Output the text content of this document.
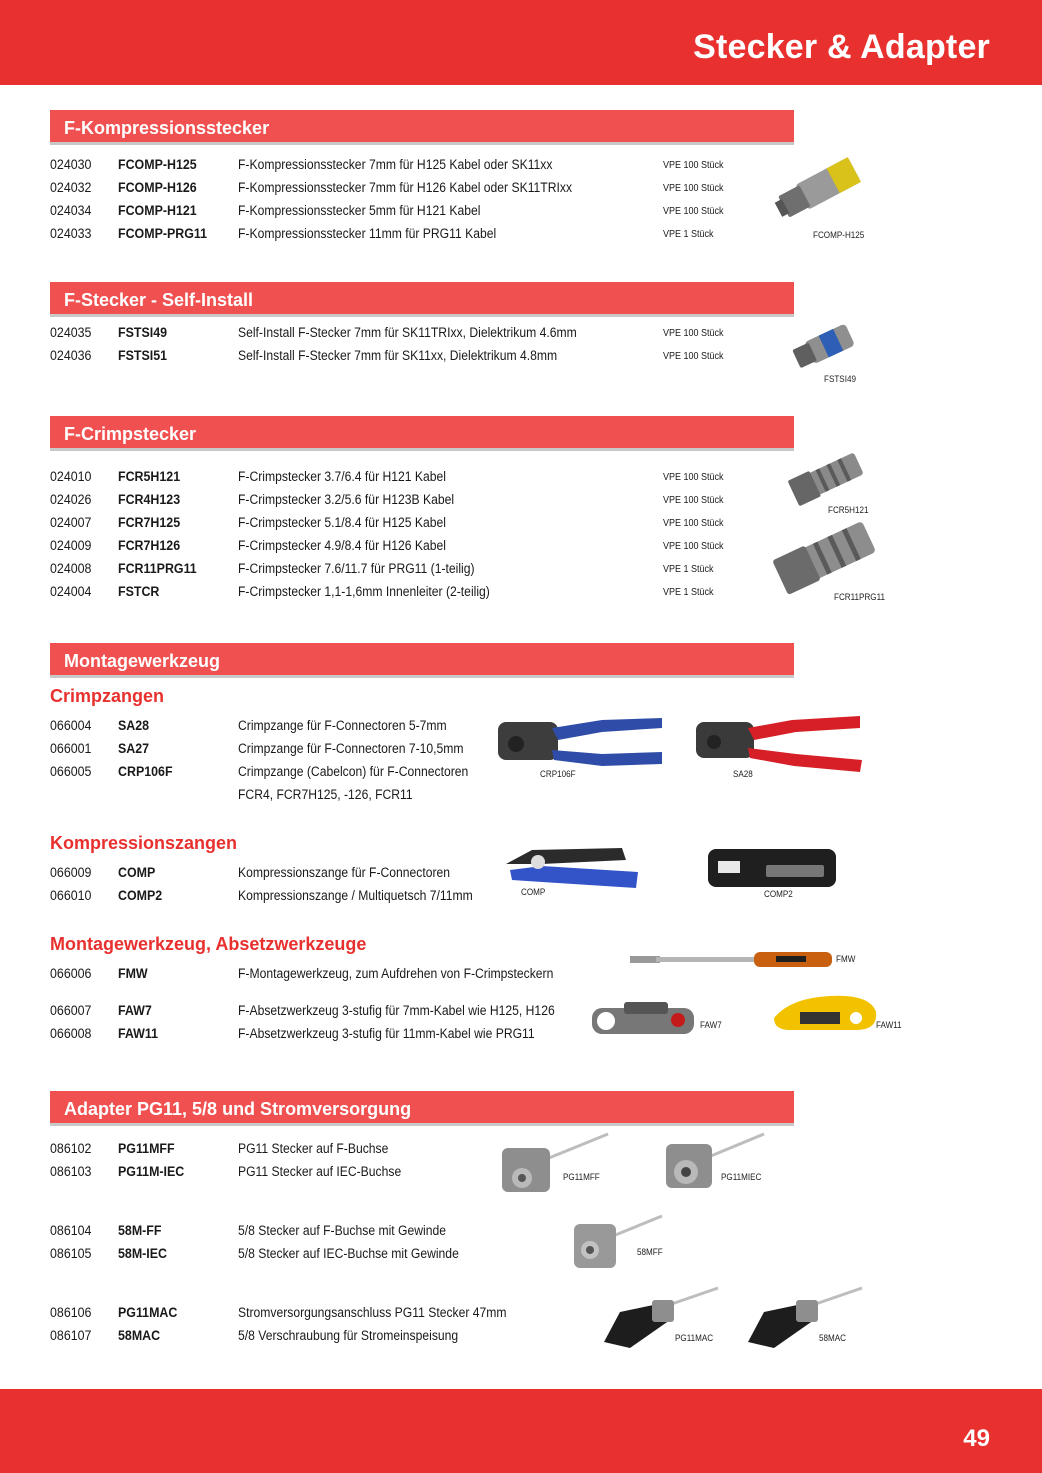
Stecker & Adapter
F-Kompressionsstecker
024030	FCOMP-H125	F-Kompressionsstecker 7mm für H125 Kabel oder SK11xx	VPE 100 Stück
024032	FCOMP-H126	F-Kompressionsstecker 7mm für H126 Kabel oder SK11TRIxx	VPE 100 Stück
024034	FCOMP-H121	F-Kompressionsstecker 5mm für H121 Kabel	VPE 100 Stück
024033	FCOMP-PRG11 F-Kompressionsstecker 11mm für PRG11 Kabel	VPE 1 Stück	FCOMP-H125
F-Stecker - Self-Install
024035	FSTSI49	Self-Install F-Stecker 7mm für SK11TRIxx, Dielektrikum 4.6mm	VPE 100 Stück
024036	FSTSI51	Self-Install F-Stecker 7mm für SK11xx, Dielektrikum 4.8mm	VPE 100 Stück
FSTSI49
F-Crimpstecker
024010	FCR5H121	F-Crimpstecker 3.7/6.4 für H121 Kabel	VPE 100 Stück
024026	FCR4H123	F-Crimpstecker 3.2/5.6 für H123B Kabel	VPE 100 Stück
024007	FCR7H125	F-Crimpstecker 5.1/8.4 für H125 Kabel	VPE 100 Stück
024009	FCR7H126	F-Crimpstecker 4.9/8.4 für H126 Kabel	VPE 100 Stück
024008	FCR11PRG11	F-Crimpstecker 7.6/11.7 für PRG11 (1-teilig)	VPE 1 Stück
024004	FSTCR	F-Crimpstecker 1,1-1,6mm Innenleiter (2-teilig)	VPE 1 Stück
FCR5H121
FCR11PRG11
Montagewerkzeug
Crimpzangen
066004	SA28	Crimpzange für F-Connectoren 5-7mm
066001	SA27	Crimpzange für F-Connectoren 7-10,5mm
066005	CRP106F	Crimpzange (Cabelcon) für F-Connectoren
FCR4, FCR7H125, -126, FCR11
CRP106F	SA28
Kompressionszangen
066009	COMP	Kompressionszange für F-Connectoren
066010	COMP2	Kompressionszange / Multiquetsch 7/11mm	COMP	COMP2
Montagewerkzeug, Absetzwerkzeuge
066006	FMW	F-Montagewerkzeug, zum Aufdrehen von F-Crimpsteckern
066007	FAW7	F-Absetzwerkzeug 3-stufig für 7mm-Kabel wie H125, H126
066008	FAW11	F-Absetzwerkzeug 3-stufig für 11mm-Kabel wie PRG11
FMW
FAW7	FAW11
Adapter PG11, 5/8 und Stromversorgung
086102	PG11MFF	PG11 Stecker auf F-Buchse
086103	PG11M-IEC	PG11 Stecker auf IEC-Buchse
086104	58M-FF	5/8 Stecker auf F-Buchse mit Gewinde
086105	58M-IEC	5/8 Stecker auf IEC-Buchse mit Gewinde
086106	PG11MAC	Stromversorgungsanschluss PG11 Stecker 47mm
086107	58MAC	5/8 Verschraubung für Stromeinspeisung
PG11MFF	PG11MIEC
58MFF
PG11MAC	58MAC
49
